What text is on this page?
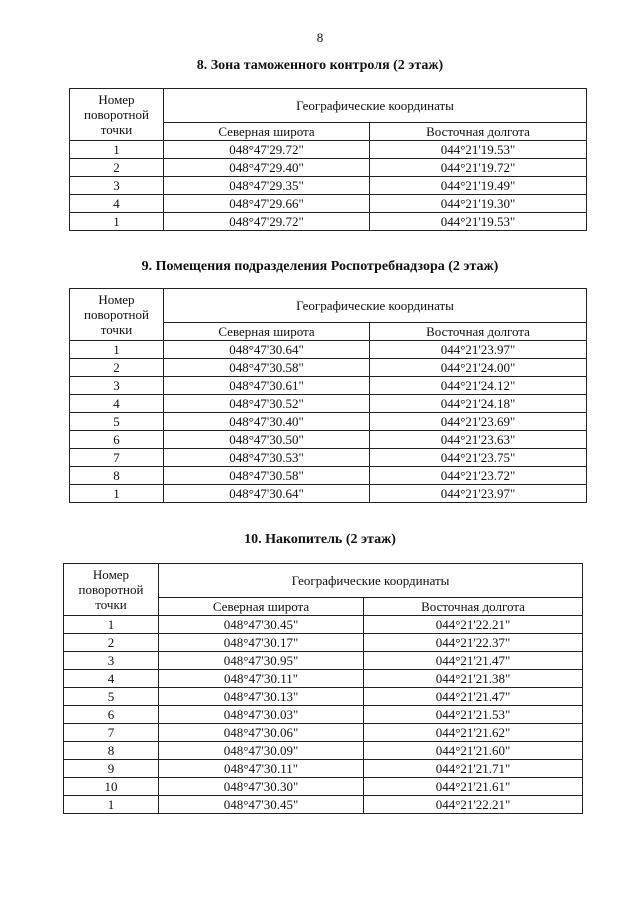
8
8. Зона таможенного контроля (2 этаж)
Номер
поворотной
точки	Географические координаты	
	Северная широта	Восточная долгота
1	048°47'29.72"	044°21'19.53"
2	048°47'29.40"	044°21'19.72"
3	048°47'29.35"	044°21'19.49"
4	048°47'29.66"	044°21'19.30"
1	048°47'29.72"	044°21'19.53"
9. Помещения подразделения Роспотребнадзора (2 этаж)
Номер
поворотной
точки	Географические координаты	
	Северная широта	Восточная долгота
1	048°47'30.64"	044°21'23.97"
2	048°47'30.58"	044°21'24.00"
3	048°47'30.61"	044°21'24.12"
4	048°47'30.52"	044°21'24.18"
5	048°47'30.40"	044°21'23.69"
6	048°47'30.50"	044°21'23.63"
7	048°47'30.53"	044°21'23.75"
8	048°47'30.58"	044°21'23.72"
1	048°47'30.64"	044°21'23.97"
10. Накопитель (2 этаж)
Номер
поворотной
точки	Географические координаты	
	Северная широта	Восточная долгота
1	048°47'30.45"	044°21'22.21"
2	048°47'30.17"	044°21'22.37"
3	048°47'30.95"	044°21'21.47"
4	048°47'30.11"	044°21'21.38"
5	048°47'30.13"	044°21'21.47"
6	048°47'30.03"	044°21'21.53"
7	048°47'30.06"	044°21'21.62"
8	048°47'30.09"	044°21'21.60"
9	048°47'30.11"	044°21'21.71"
10	048°47'30.30"	044°21'21.61"
1	048°47'30.45"	044°21'22.21"
